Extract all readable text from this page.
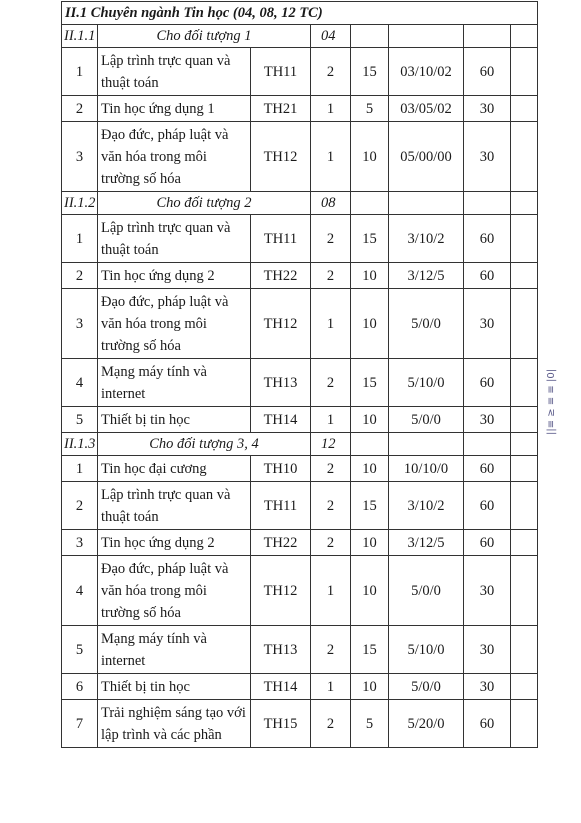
II.1 Chuyên ngành Tin học (04, 08, 12 TC)							
II.1.1	Cho đối tượng 1		04				
1	Lập trình trực quan và
thuật toán	TH11	2	15	03/10/02	60	
2	Tin học ứng dụng 1	TH21	1	5	03/05/02	30	
3	Đạo đức, pháp luật và
văn hóa trong môi
trường số hóa	TH12	1	10	05/00/00	30	
II.1.2	Cho đối tượng 2		08				
1	Lập trình trực quan và
thuật toán	TH11	2	15	3/10/2	60	
2	Tin học ứng dụng 2	TH22	2	10	3/12/5	60	
3	Đạo đức, pháp luật và
văn hóa trong môi
trường số hóa	TH12	1	10	5/0/0	30	
4	Mạng máy tính và
internet	TH13	2	15	5/10/0	60	
5	Thiết bị tin học	TH14	1	10	5/0/0	30	
II.1.3	Cho đối tượng 3, 4		12				
1	Tin học đại cương	TH10	2	10	10/10/0	60	
2	Lập trình trực quan và
thuật toán	TH11	2	15	3/10/2	60	
3	Tin học ứng dụng 2	TH22	2	10	3/12/5	60	
4	Đạo đức, pháp luật và
văn hóa trong môi
trường số hóa	TH12	1	10	5/0/0	30	
5	Mạng máy tính và
internet	TH13	2	15	5/10/0	30	
6	Thiết bị tin học	TH14	1	10	5/0/0	30	
7	Trải nghiệm sáng tạo với
lập trình và các phần	TH15	2	5	5/20/0	60	
||≡ ≥ ≡ ≡ |0|
